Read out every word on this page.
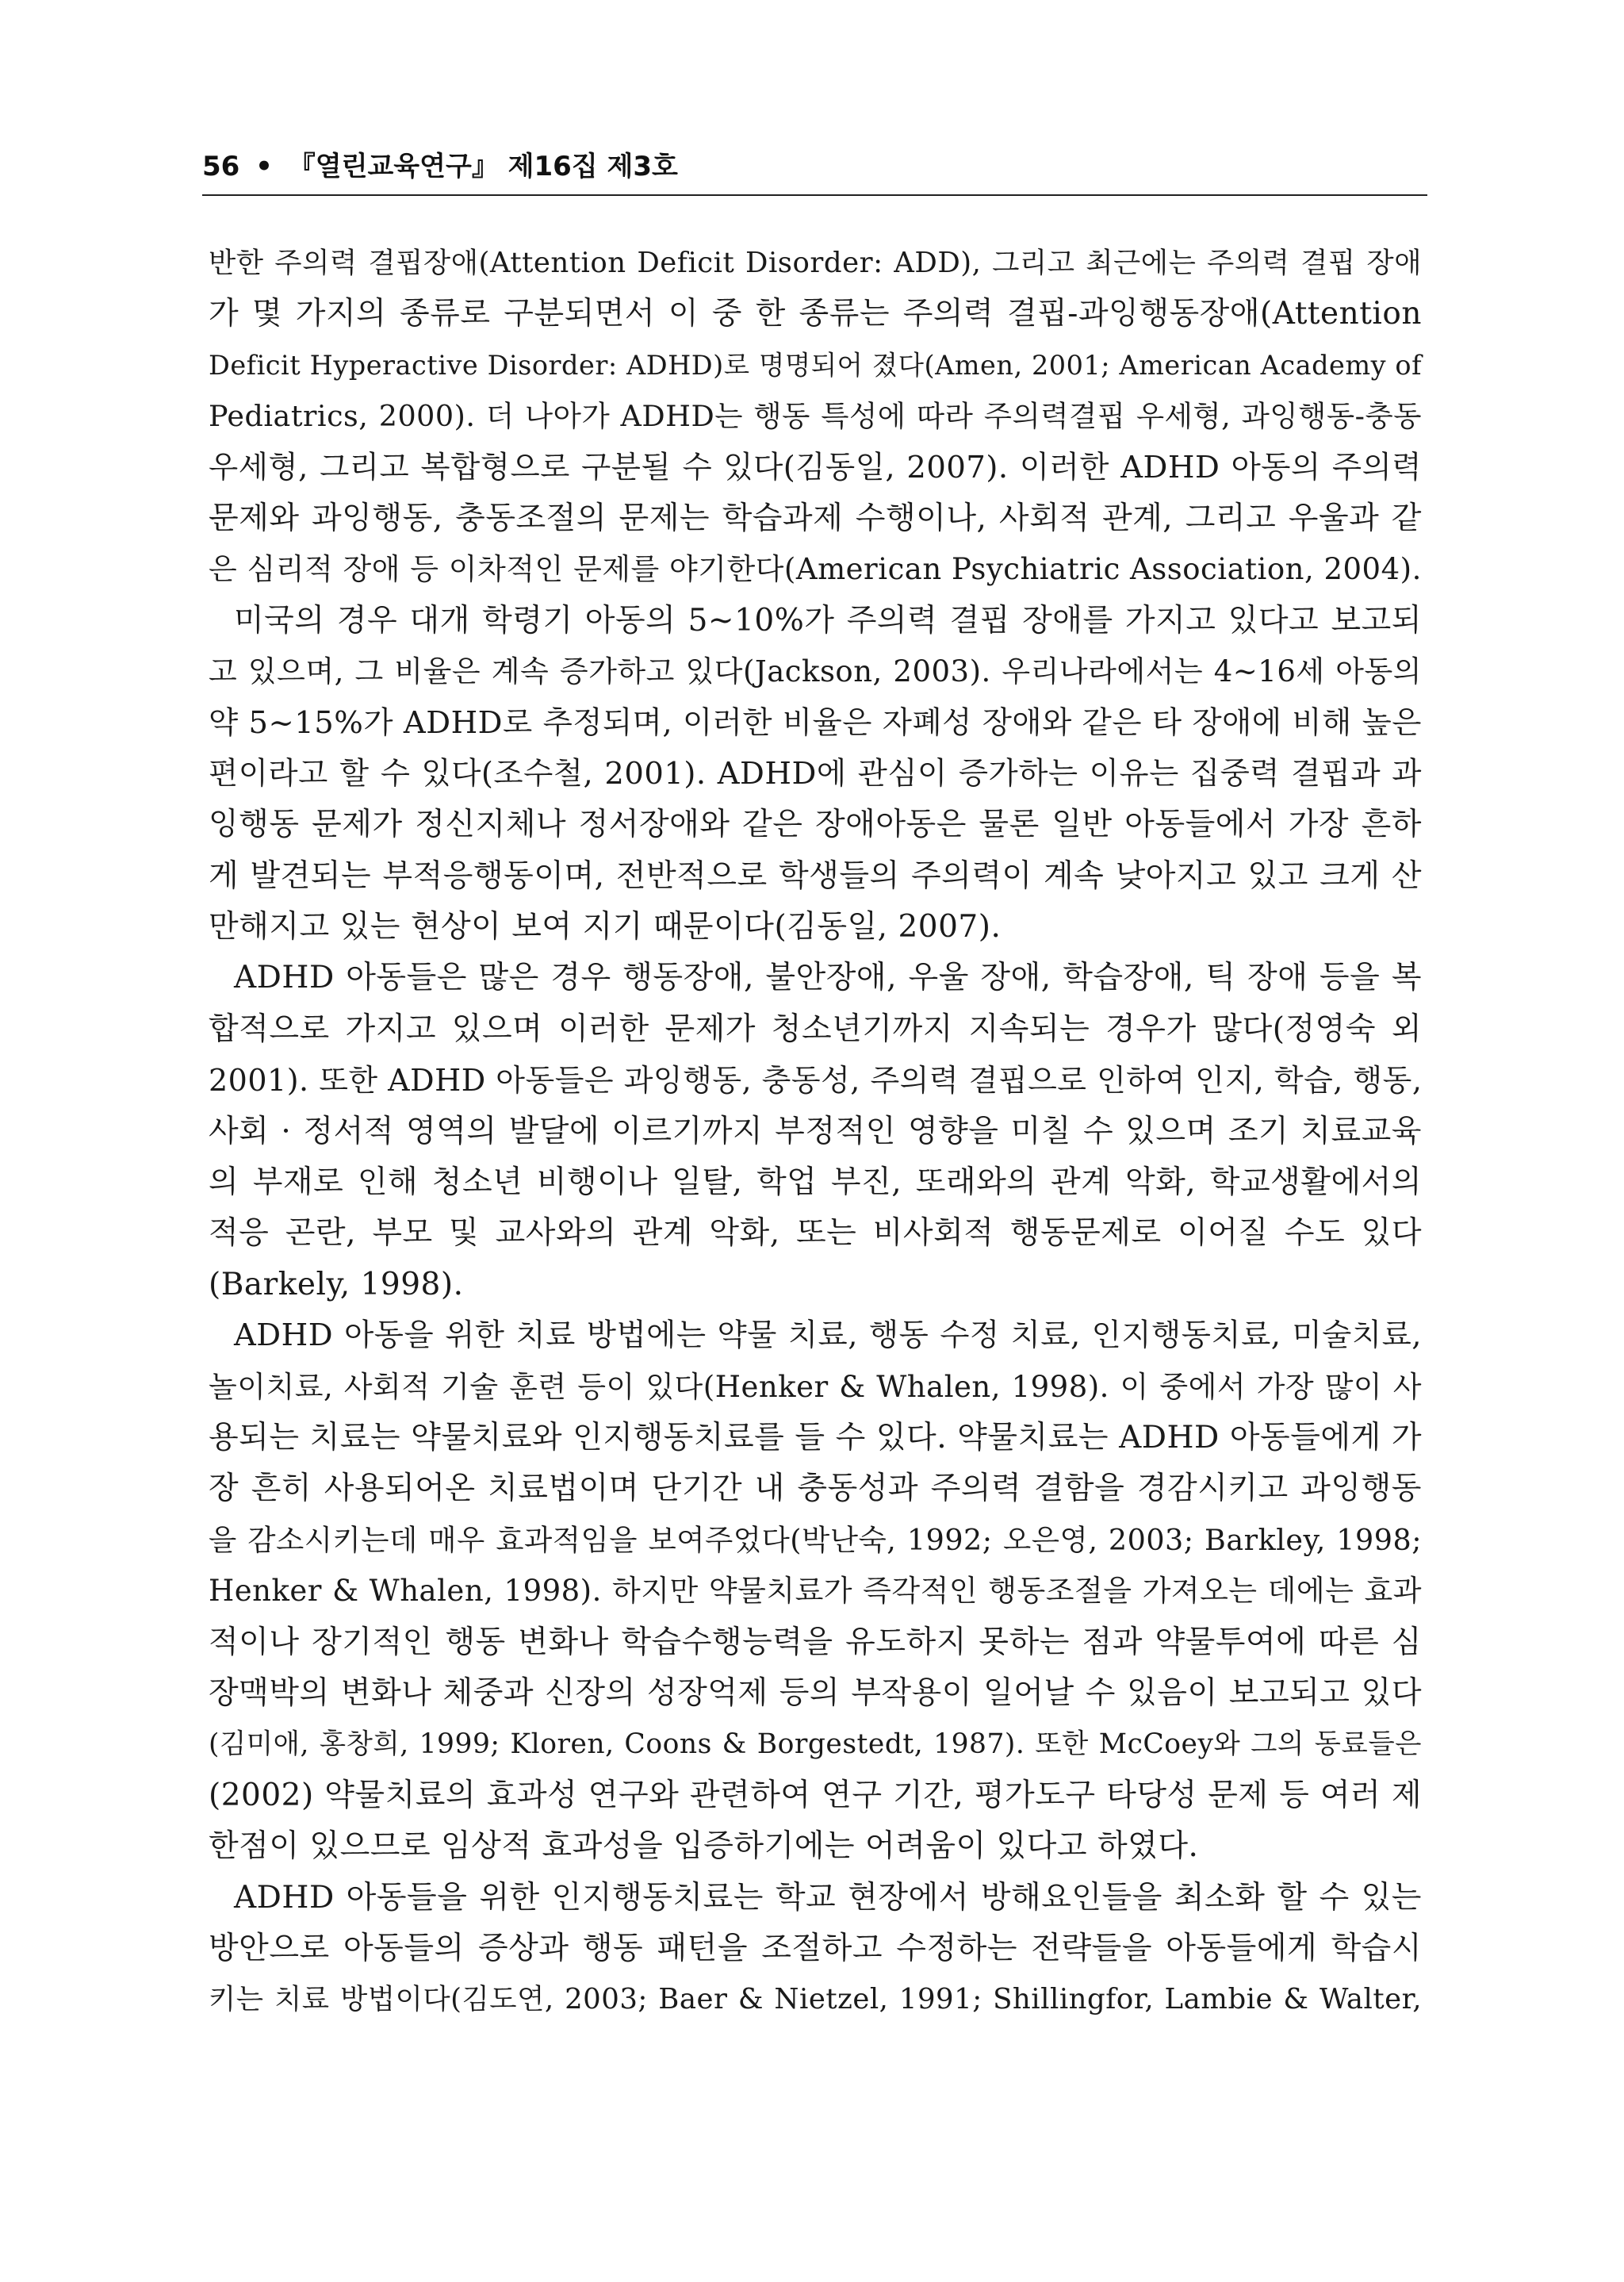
56 • 『열린교육연구』 제16집 제3호

반한 주의력 결핍장애(Attention Deficit Disorder: ADD), 그리고 최근에는 주의력 결핍 장애

가 몇 가지의 종류로 구분되면서 이 중 한 종류는 주의력 결핍-과잉행동장애(Attention

Deficit Hyperactive Disorder: ADHD)로 명명되어 졌다(Amen, 2001; American Academy of

Pediatrics, 2000). 더 나아가 ADHD는 행동 특성에 따라 주의력결핍 우세형, 과잉행동-충동

우세형, 그리고 복합형으로 구분될 수 있다(김동일, 2007). 이러한 ADHD 아동의 주의력

문제와 과잉행동, 충동조절의 문제는 학습과제 수행이나, 사회적 관계, 그리고 우울과 같

은 심리적 장애 등 이차적인 문제를 야기한다(American Psychiatric Association, 2004).

미국의 경우 대개 학령기 아동의 5~10%가 주의력 결핍 장애를 가지고 있다고 보고되

고 있으며, 그 비율은 계속 증가하고 있다(Jackson, 2003). 우리나라에서는 4~16세 아동의

약 5~15%가 ADHD로 추정되며, 이러한 비율은 자폐성 장애와 같은 타 장애에 비해 높은

편이라고 할 수 있다(조수철, 2001). ADHD에 관심이 증가하는 이유는 집중력 결핍과 과

잉행동 문제가 정신지체나 정서장애와 같은 장애아동은 물론 일반 아동들에서 가장 흔하

게 발견되는 부적응행동이며, 전반적으로 학생들의 주의력이 계속 낮아지고 있고 크게 산

만해지고 있는 현상이 보여 지기 때문이다(김동일, 2007).

ADHD 아동들은 많은 경우 행동장애, 불안장애, 우울 장애, 학습장애, 틱 장애 등을 복

합적으로 가지고 있으며 이러한 문제가 청소년기까지 지속되는 경우가 많다(정영숙 외

2001). 또한 ADHD 아동들은 과잉행동, 충동성, 주의력 결핍으로 인하여 인지, 학습, 행동,

사회 · 정서적 영역의 발달에 이르기까지 부정적인 영향을 미칠 수 있으며 조기 치료교육

의 부재로 인해 청소년 비행이나 일탈, 학업 부진, 또래와의 관계 악화, 학교생활에서의

적응 곤란, 부모 및 교사와의 관계 악화, 또는 비사회적 행동문제로 이어질 수도 있다

(Barkely, 1998).

ADHD 아동을 위한 치료 방법에는 약물 치료, 행동 수정 치료, 인지행동치료, 미술치료,

놀이치료, 사회적 기술 훈련 등이 있다(Henker & Whalen, 1998). 이 중에서 가장 많이 사

용되는 치료는 약물치료와 인지행동치료를 들 수 있다. 약물치료는 ADHD 아동들에게 가

장 흔히 사용되어온 치료법이며 단기간 내 충동성과 주의력 결함을 경감시키고 과잉행동

을 감소시키는데 매우 효과적임을 보여주었다(박난숙, 1992; 오은영, 2003; Barkley, 1998;

Henker & Whalen, 1998). 하지만 약물치료가 즉각적인 행동조절을 가져오는 데에는 효과

적이나 장기적인 행동 변화나 학습수행능력을 유도하지 못하는 점과 약물투여에 따른 심

장맥박의 변화나 체중과 신장의 성장억제 등의 부작용이 일어날 수 있음이 보고되고 있다

(김미애, 홍창희, 1999; Kloren, Coons & Borgestedt, 1987). 또한 McCoey와 그의 동료들은

(2002) 약물치료의 효과성 연구와 관련하여 연구 기간, 평가도구 타당성 문제 등 여러 제

한점이 있으므로 임상적 효과성을 입증하기에는 어려움이 있다고 하였다.

ADHD 아동들을 위한 인지행동치료는 학교 현장에서 방해요인들을 최소화 할 수 있는

방안으로 아동들의 증상과 행동 패턴을 조절하고 수정하는 전략들을 아동들에게 학습시

키는 치료 방법이다(김도연, 2003; Baer & Nietzel, 1991; Shillingfor, Lambie & Walter,
